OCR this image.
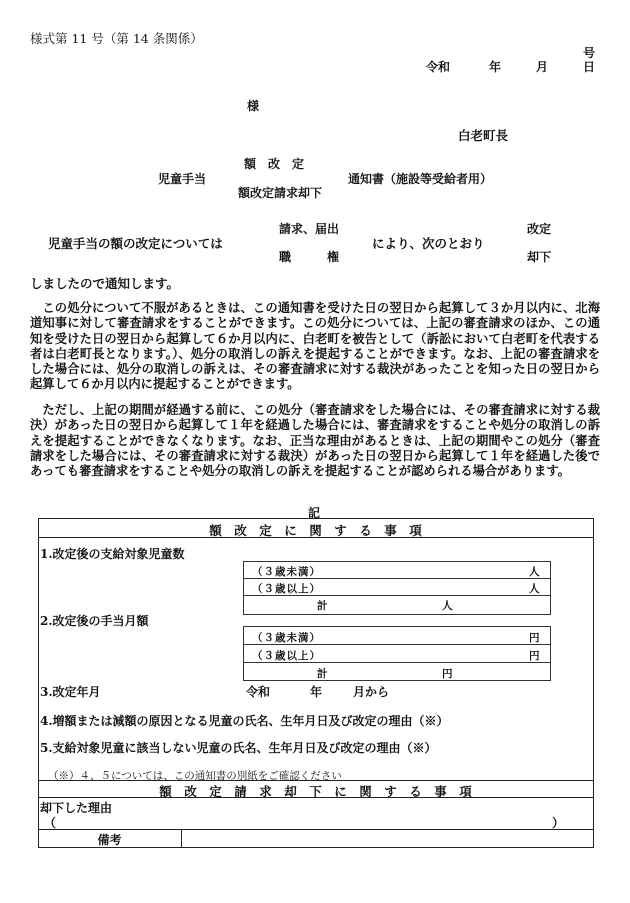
様式第 11 号（第 14 条関係）
号
令和	年	月	日
様
白老町長
額　改　定
児童手当	通知書（施設等受給者用）
額改定請求却下
請求、届出	改定
児童手当の額の改定については	により、次のとおり
職　　　権	却下
しましたので通知します。
　この処分について不服があるときは、この通知書を受けた日の翌日から起算して３か月以内に、北海道知事に対して審査請求をすることができます。この処分については、上記の審査請求のほか、この通知を受けた日の翌日から起算して６か月以内に、白老町を被告として（訴訟において白老町を代表する者は白老町長となります。）、処分の取消しの訴えを提起することができます。なお、上記の審査請求をした場合には、処分の取消しの訴えは、その審査請求に対する裁決があったことを知った日の翌日から起算して６か月以内に提起することができます。
　ただし、上記の期間が経過する前に、この処分（審査請求をした場合には、その審査請求に対する裁決）があった日の翌日から起算して１年を経過した場合には、審査請求をすることや処分の取消しの訴えを提起することができなくなります。なお、正当な理由があるときは、上記の期間やこの処分（審査請求をした場合には、その審査請求に対する裁決）があった日の翌日から起算して１年を経過した後であっても審査請求をすることや処分の取消しの訴えを提起することが認められる場合があります。
記
額　改　定　に　関　す　る　事　項
1.改定後の支給対象児童数
（３歳未満）	人
（３歳以上）	人
計	人
2.改定後の手当月額
（３歳未満）	円
（３歳以上）	円
計	円
3.改定年月	令和	年	月から
4.増額または減額の原因となる児童の氏名、生年月日及び改定の理由（※）
5.支給対象児童に該当しない児童の氏名、生年月日及び改定の理由（※）
（※）４、５については、この通知書の別紙をご確認ください
額　改　定　請　求　却　下　に　関　す　る　事　項
却下した理由
（	）
備考
